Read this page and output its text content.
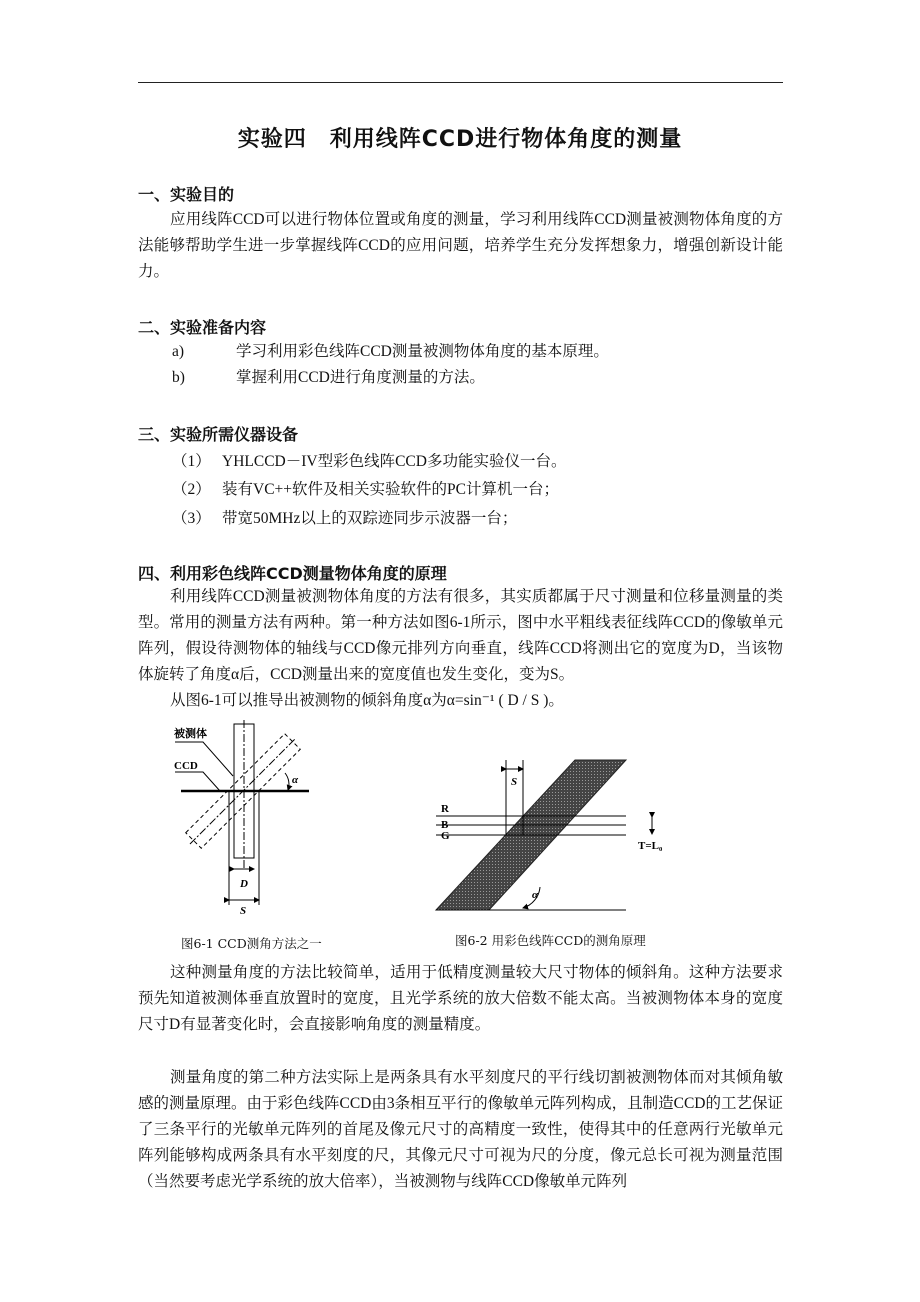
实验四　利用线阵CCD进行物体角度的测量
一、实验目的
应用线阵CCD可以进行物体位置或角度的测量，学习利用线阵CCD测量被测物体角度的方法能够帮助学生进一步掌握线阵CCD的应用问题，培养学生充分发挥想象力，增强创新设计能力。
二、实验准备内容
a)	学习利用彩色线阵CCD测量被测物体角度的基本原理。
b)	掌握利用CCD进行角度测量的方法。
三、实验所需仪器设备
（1） YHLCCD－IV型彩色线阵CCD多功能实验仪一台。
（2） 装有VC++软件及相关实验软件的PC计算机一台；
（3） 带宽50MHz以上的双踪迹同步示波器一台；
四、利用彩色线阵CCD测量物体角度的原理
利用线阵CCD测量被测物体角度的方法有很多，其实质都属于尺寸测量和位移量测量的类型。常用的测量方法有两种。第一种方法如图6-1所示，图中水平粗线表征线阵CCD的像敏单元阵列，假设待测物体的轴线与CCD像元排列方向垂直，线阵CCD将测出它的宽度为D，当该物体旋转了角度α后，CCD测量出来的宽度值也发生变化，变为S。
从图6-1可以推导出被测物的倾斜角度α为α=sin⁻¹ ( D / S )。
被测体
CCD
α
D
S
R
B
G
S
T=L₀
α
图6-1 CCD测角方法之一	图6-2 用彩色线阵CCD的测角原理
这种测量角度的方法比较简单，适用于低精度测量较大尺寸物体的倾斜角。这种方法要求预先知道被测体垂直放置时的宽度，且光学系统的放大倍数不能太高。当被测物体本身的宽度尺寸D有显著变化时，会直接影响角度的测量精度。
测量角度的第二种方法实际上是两条具有水平刻度尺的平行线切割被测物体而对其倾角敏感的测量原理。由于彩色线阵CCD由3条相互平行的像敏单元阵列构成，且制造CCD的工艺保证了三条平行的光敏单元阵列的首尾及像元尺寸的高精度一致性，使得其中的任意两行光敏单元阵列能够构成两条具有水平刻度的尺，其像元尺寸可视为尺的分度，像元总长可视为测量范围（当然要考虑光学系统的放大倍率），当被测物与线阵CCD像敏单元阵列
